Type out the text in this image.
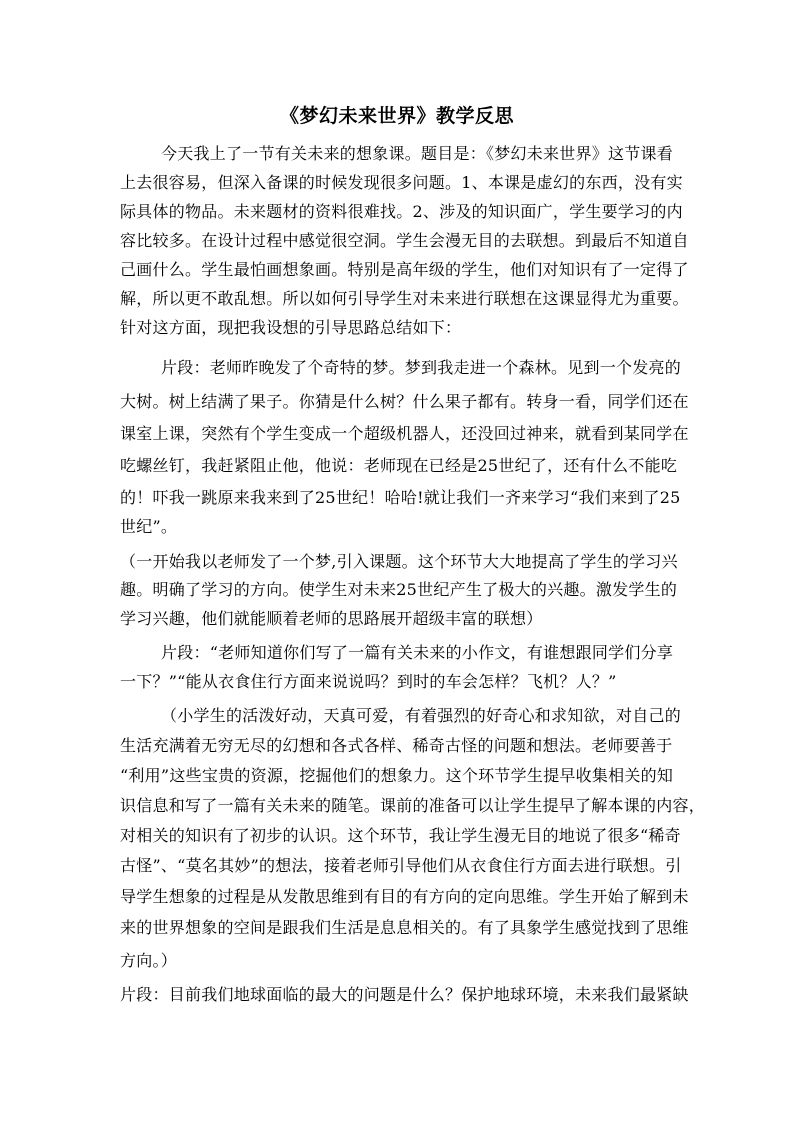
《梦幻未来世界》教学反思
今天我上了一节有关未来的想象课。题目是：《梦幻未来世界》这节课看
上去很容易，但深入备课的时候发现很多问题。1、本课是虚幻的东西，没有实
际具体的物品。未来题材的资料很难找。2、涉及的知识面广，学生要学习的内
容比较多。在设计过程中感觉很空洞。学生会漫无目的去联想。到最后不知道自
己画什么。学生最怕画想象画。特别是高年级的学生，他们对知识有了一定得了
解，所以更不敢乱想。所以如何引导学生对未来进行联想在这课显得尤为重要。
针对这方面，现把我设想的引导思路总结如下：
片段：老师昨晚发了个奇特的梦。梦到我走进一个森林。见到一个发亮的
大树。树上结满了果子。你猜是什么树？什么果子都有。转身一看，同学们还在
课室上课，突然有个学生变成一个超级机器人，还没回过神来，就看到某同学在
吃螺丝钉，我赶紧阻止他，他说：老师现在已经是25世纪了，还有什么不能吃
的！吓我一跳原来我来到了25世纪！哈哈!就让我们一齐来学习“我们来到了25
世纪”。
（一开始我以老师发了一个梦,引入课题。这个环节大大地提高了学生的学习兴
趣。明确了学习的方向。使学生对未来25世纪产生了极大的兴趣。激发学生的
学习兴趣，他们就能顺着老师的思路展开超级丰富的联想）
片段：“老师知道你们写了一篇有关未来的小作文，有谁想跟同学们分享
一下？”“能从衣食住行方面来说说吗？到时的车会怎样？飞机？人？”
（小学生的活泼好动，天真可爱，有着强烈的好奇心和求知欲，对自己的
生活充满着无穷无尽的幻想和各式各样、稀奇古怪的问题和想法。老师要善于
“利用”这些宝贵的资源，挖掘他们的想象力。这个环节学生提早收集相关的知
识信息和写了一篇有关未来的随笔。课前的准备可以让学生提早了解本课的内容，
对相关的知识有了初步的认识。这个环节，我让学生漫无目的地说了很多“稀奇
古怪”、“莫名其妙”的想法，接着老师引导他们从衣食住行方面去进行联想。引
导学生想象的过程是从发散思维到有目的有方向的定向思维。学生开始了解到未
来的世界想象的空间是跟我们生活是息息相关的。有了具象学生感觉找到了思维
方向。）
片段：目前我们地球面临的最大的问题是什么？保护地球环境，未来我们最紧缺
